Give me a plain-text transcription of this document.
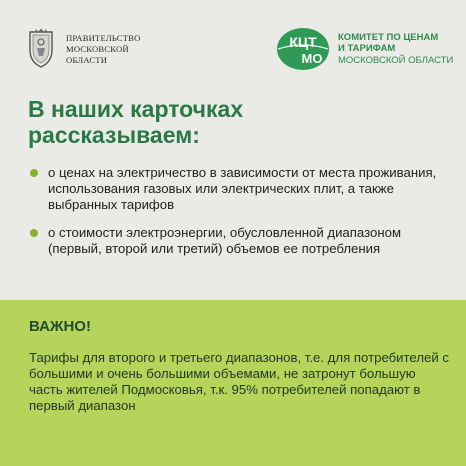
ПРАВИТЕЛЬСТВО
МОСКОВСКОЙ
ОБЛАСТИ
КЦТ
МО
КОМИТЕТ ПО ЦЕНАМ
И ТАРИФАМ
МОСКОВСКОЙ ОБЛАСТИ
В наших карточках
рассказываем:
о ценах на электричество в зависимости от места проживания, использования газовых или электрических плит, а также выбранных тарифов
о стоимости электроэнергии, обусловленной диапазоном (первый, второй или третий) объемов ее потребления
ВАЖНО!

Тарифы для второго и третьего диапазонов, т.е. для потребителей с большими и очень большими объемами, не затронут большую часть жителей Подмосковья, т.к. 95% потребителей попадают в первый диапазон
